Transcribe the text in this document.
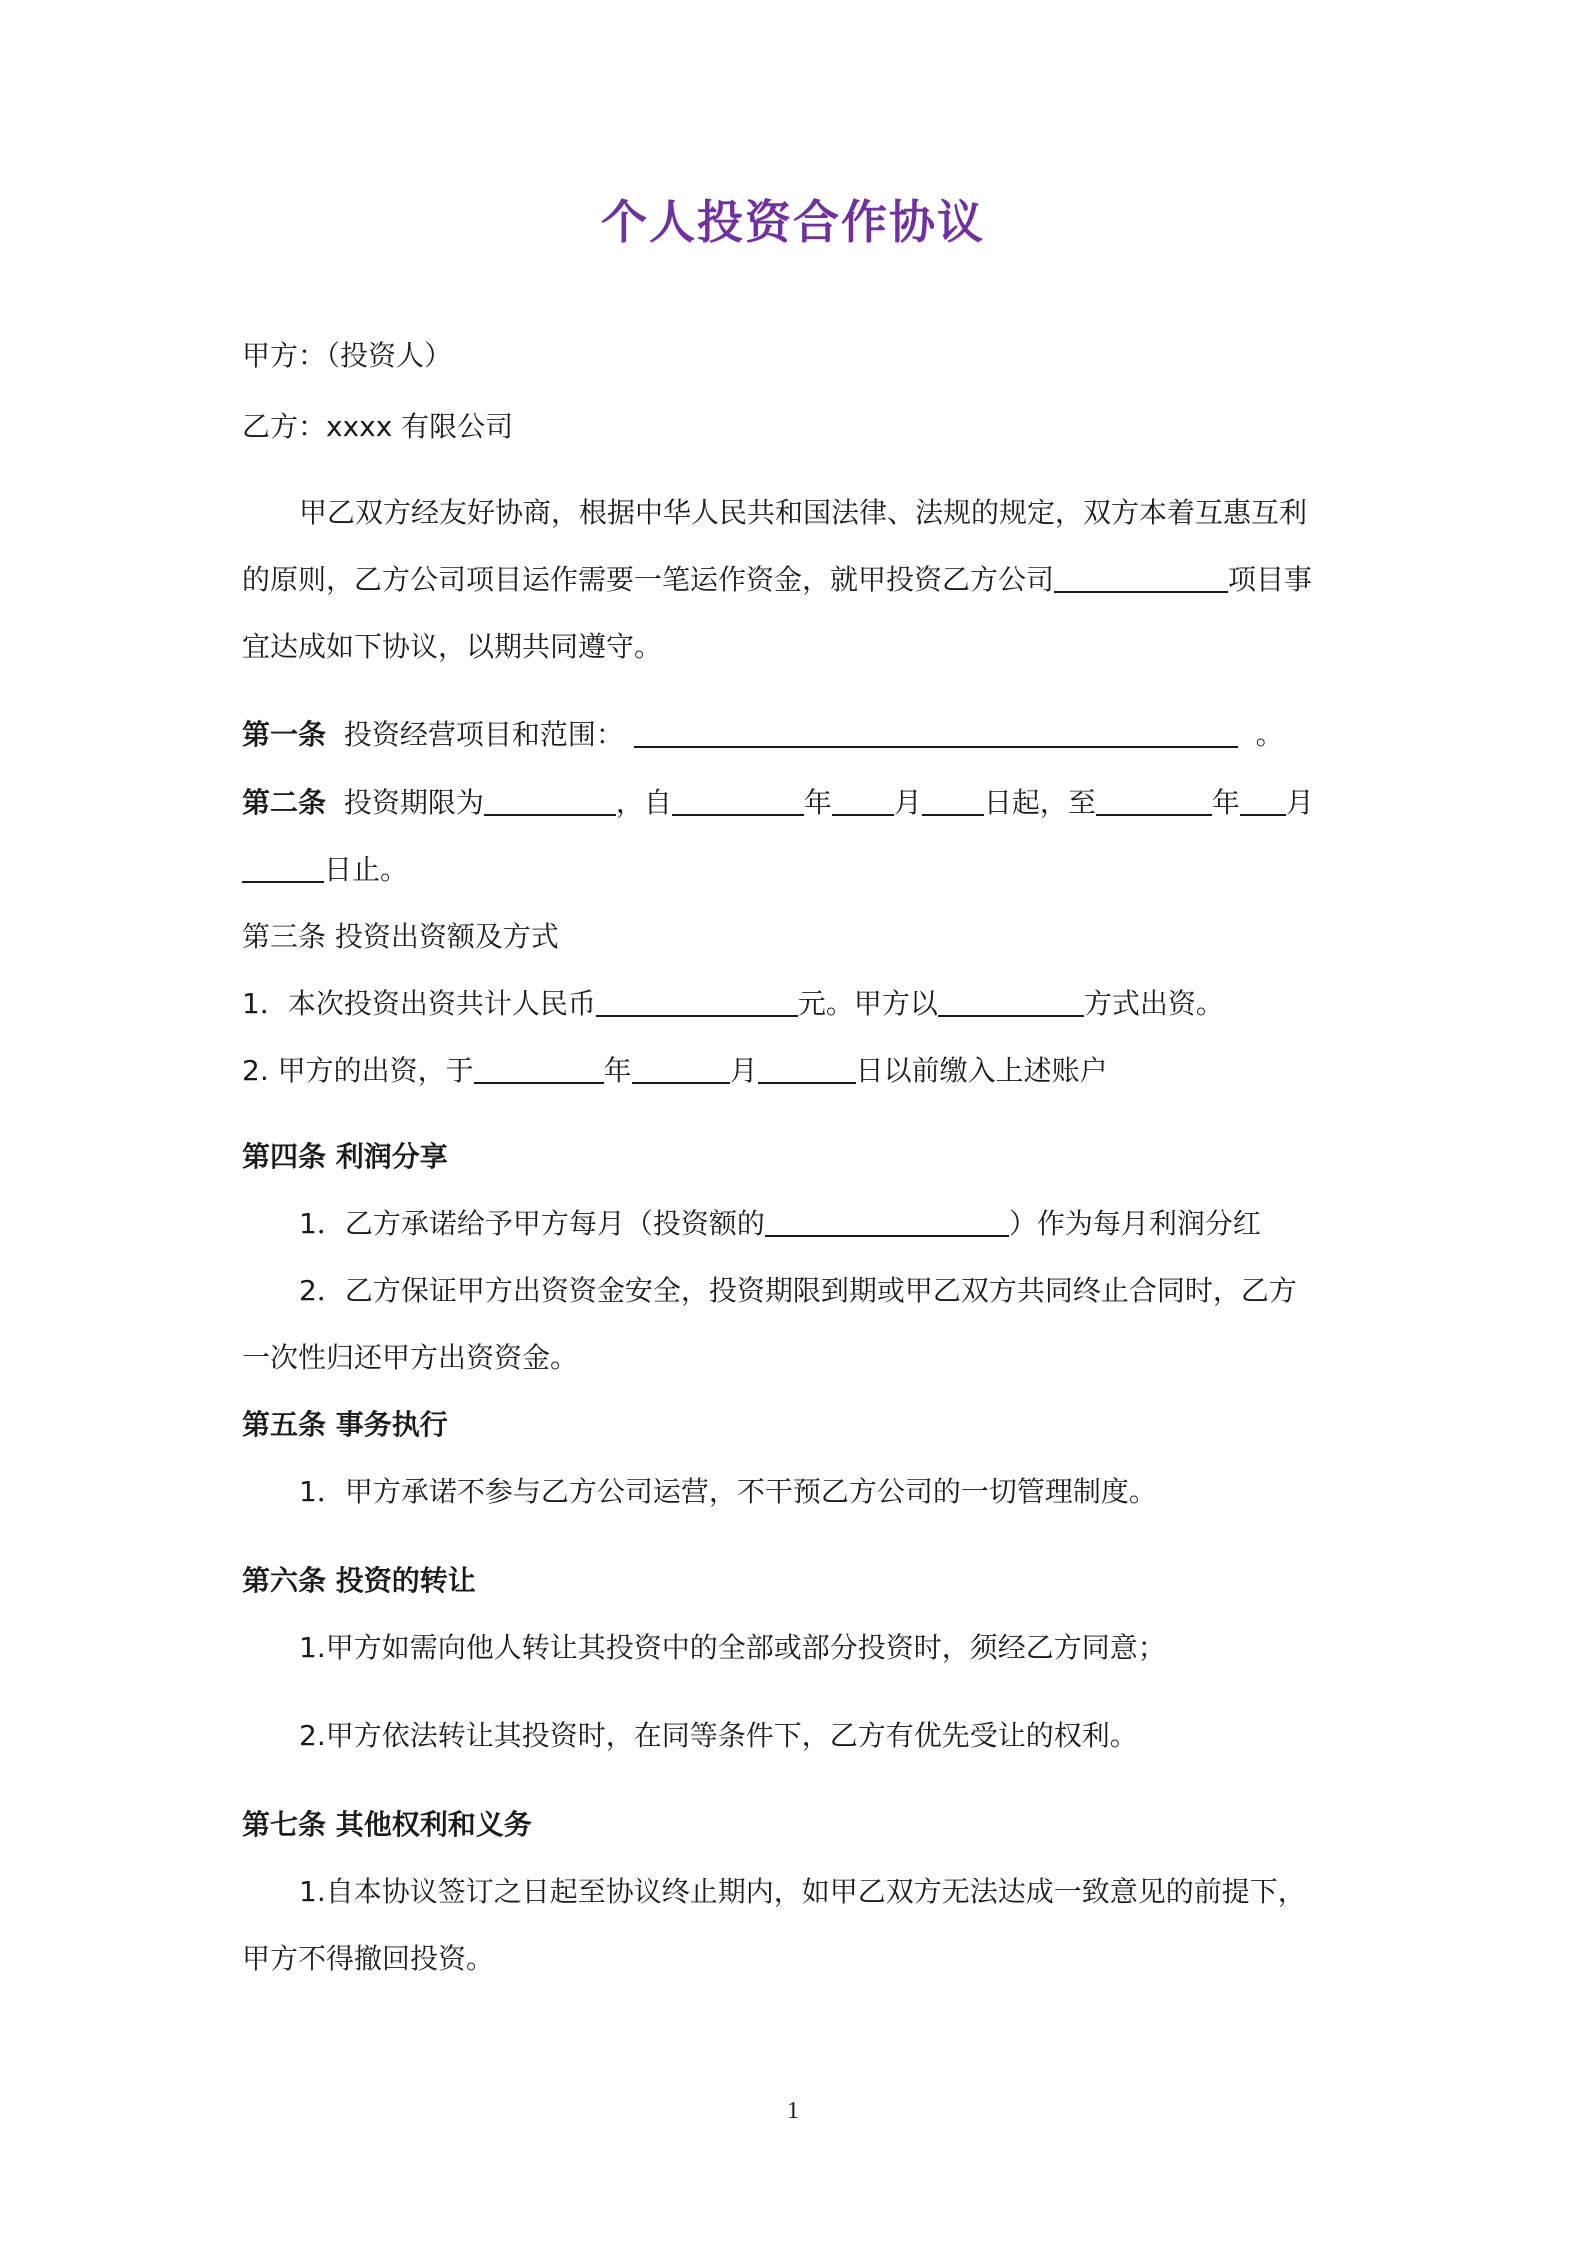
个人投资合作协议
甲方：（投资人）
乙方：xxxx 有限公司
甲乙双方经友好协商，根据中华人民共和国法律、法规的规定，双方本着互惠互利
的原则，乙方公司项目运作需要一笔运作资金，就甲投资乙方公司	项目事
宜达成如下协议，以期共同遵守。
第一条 投资经营项目和范围：	。
第二条 投资期限为	，自	年 月 日起，至	年 月
日止。
第三条 投资出资额及方式
1．本次投资出资共计人民币	元。甲方以	方式出资。
2. 甲方的出资，于	年	月	日以前缴入上述账户
第四条 利润分享
1．乙方承诺给予甲方每月（投资额的	）作为每月利润分红
2．乙方保证甲方出资资金安全，投资期限到期或甲乙双方共同终止合同时，乙方
一次性归还甲方出资资金。
第五条 事务执行
1．甲方承诺不参与乙方公司运营，不干预乙方公司的一切管理制度。
第六条 投资的转让
1.甲方如需向他人转让其投资中的全部或部分投资时，须经乙方同意；
2.甲方依法转让其投资时，在同等条件下，乙方有优先受让的权利。
第七条 其他权利和义务
1.自本协议签订之日起至协议终止期内，如甲乙双方无法达成一致意见的前提下，
甲方不得撤回投资。
1
